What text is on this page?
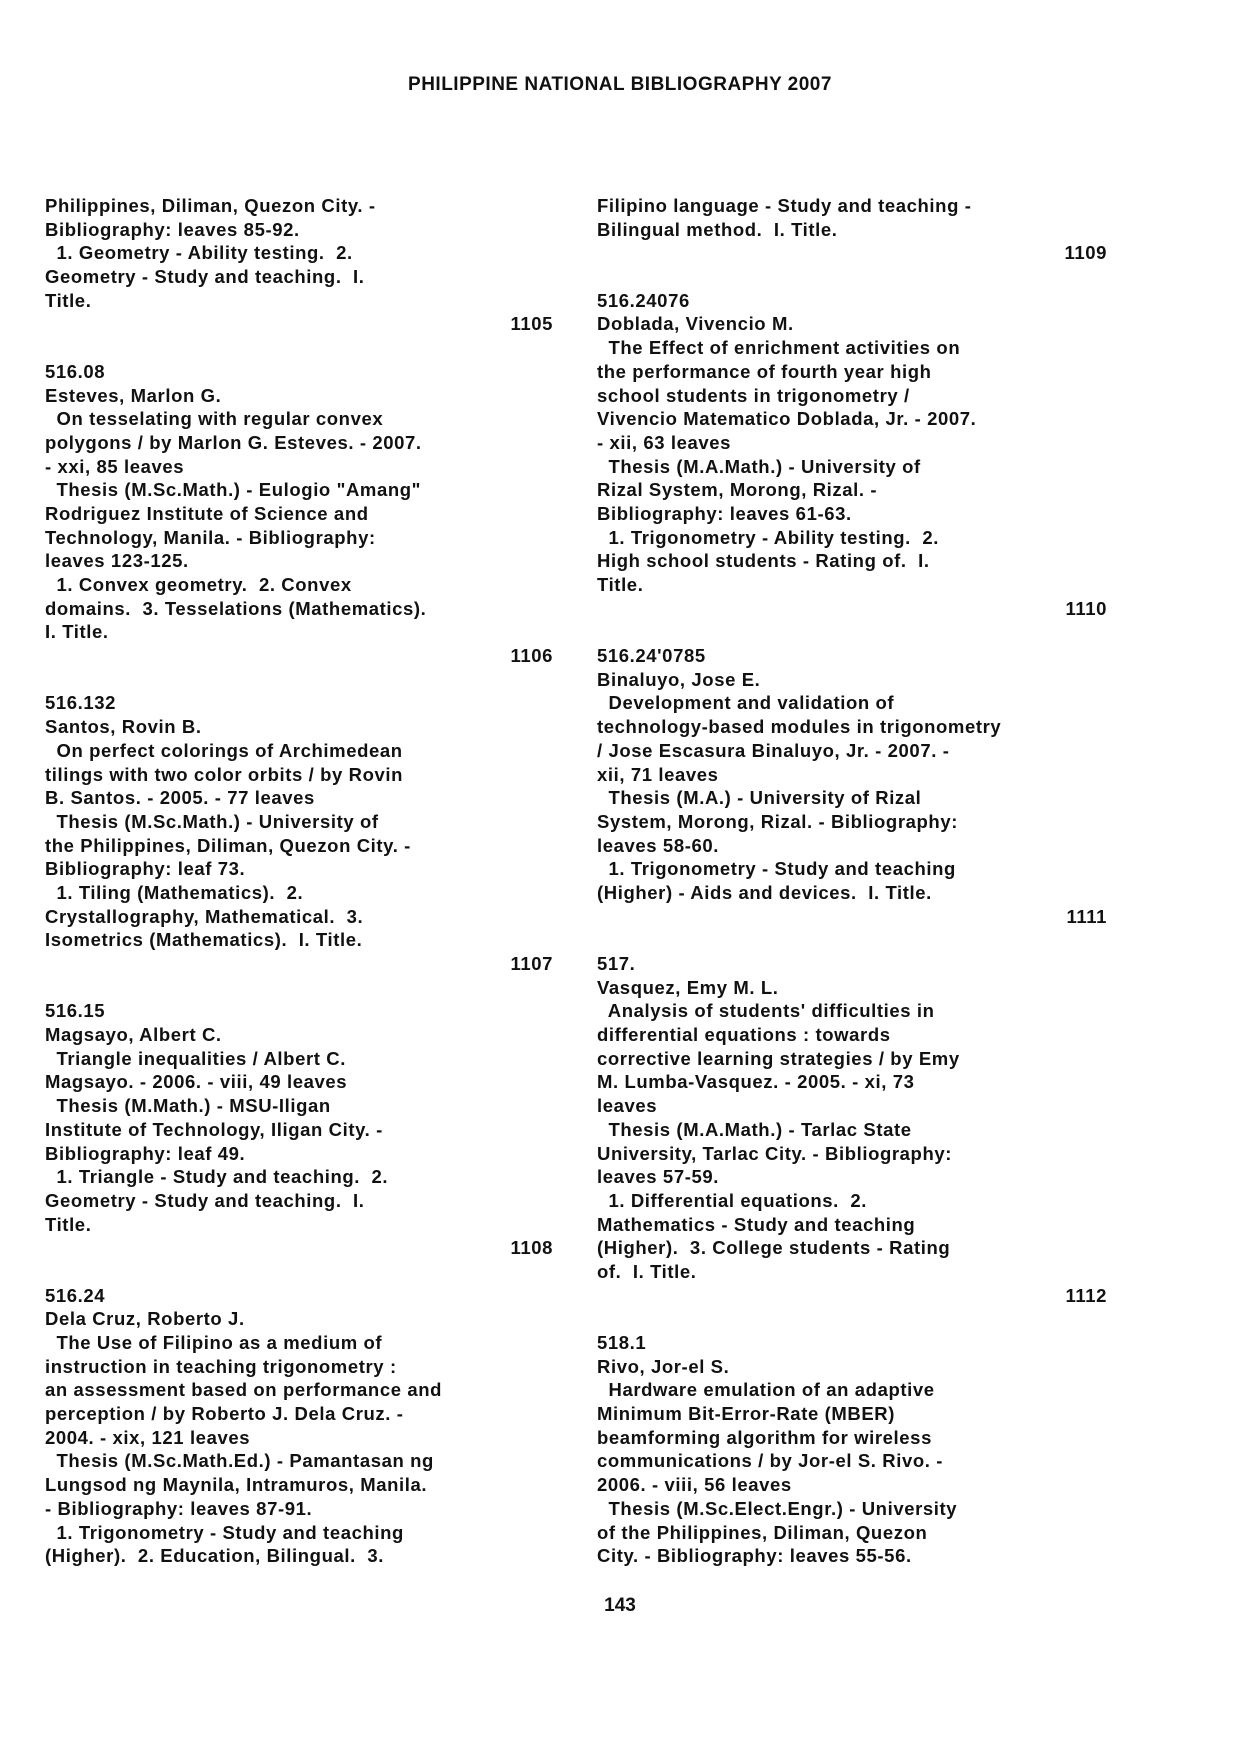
PHILIPPINE NATIONAL BIBLIOGRAPHY 2007
Philippines, Diliman, Quezon City. -
Bibliography: leaves 85-92.
1. Geometry - Ability testing.  2.
Geometry - Study and teaching.  I.
Title.
1105
516.08
Esteves, Marlon G.
On tesselating with regular convex
polygons / by Marlon G. Esteves. - 2007.
- xxi, 85 leaves
Thesis (M.Sc.Math.) - Eulogio "Amang"
Rodriguez Institute of Science and
Technology, Manila. - Bibliography:
leaves 123-125.
1. Convex geometry.  2. Convex
domains.  3. Tesselations (Mathematics).
I. Title.
1106
516.132
Santos, Rovin B.
On perfect colorings of Archimedean
tilings with two color orbits / by Rovin
B. Santos. - 2005. - 77 leaves
Thesis (M.Sc.Math.) - University of
the Philippines, Diliman, Quezon City. -
Bibliography: leaf 73.
1. Tiling (Mathematics).  2.
Crystallography, Mathematical.  3.
Isometrics (Mathematics).  I. Title.
1107
516.15
Magsayo, Albert C.
Triangle inequalities / Albert C.
Magsayo. - 2006. - viii, 49 leaves
Thesis (M.Math.) - MSU-Iligan
Institute of Technology, Iligan City. -
Bibliography: leaf 49.
1. Triangle - Study and teaching.  2.
Geometry - Study and teaching.  I.
Title.
1108
516.24
Dela Cruz, Roberto J.
The Use of Filipino as a medium of
instruction in teaching trigonometry :
an assessment based on performance and
perception / by Roberto J. Dela Cruz. -
2004. - xix, 121 leaves
Thesis (M.Sc.Math.Ed.) - Pamantasan ng
Lungsod ng Maynila, Intramuros, Manila.
- Bibliography: leaves 87-91.
1. Trigonometry - Study and teaching
(Higher).  2. Education, Bilingual.  3.
Filipino language - Study and teaching -
Bilingual method.  I. Title.
1109
516.24076
Doblada, Vivencio M.
The Effect of enrichment activities on
the performance of fourth year high
school students in trigonometry /
Vivencio Matematico Doblada, Jr. - 2007.
- xii, 63 leaves
Thesis (M.A.Math.) - University of
Rizal System, Morong, Rizal. -
Bibliography: leaves 61-63.
1. Trigonometry - Ability testing.  2.
High school students - Rating of.  I.
Title.
1110
516.24'0785
Binaluyo, Jose E.
Development and validation of
technology-based modules in trigonometry
/ Jose Escasura Binaluyo, Jr. - 2007. -
xii, 71 leaves
Thesis (M.A.) - University of Rizal
System, Morong, Rizal. - Bibliography:
leaves 58-60.
1. Trigonometry - Study and teaching
(Higher) - Aids and devices.  I. Title.
1111
517.
Vasquez, Emy M. L.
Analysis of students' difficulties in
differential equations : towards
corrective learning strategies / by Emy
M. Lumba-Vasquez. - 2005. - xi, 73
leaves
Thesis (M.A.Math.) - Tarlac State
University, Tarlac City. - Bibliography:
leaves 57-59.
1. Differential equations.  2.
Mathematics - Study and teaching
(Higher).  3. College students - Rating
of.  I. Title.
1112
518.1
Rivo, Jor-el S.
Hardware emulation of an adaptive
Minimum Bit-Error-Rate (MBER)
beamforming algorithm for wireless
communications / by Jor-el S. Rivo. -
2006. - viii, 56 leaves
Thesis (M.Sc.Elect.Engr.) - University
of the Philippines, Diliman, Quezon
City. - Bibliography: leaves 55-56.
143
